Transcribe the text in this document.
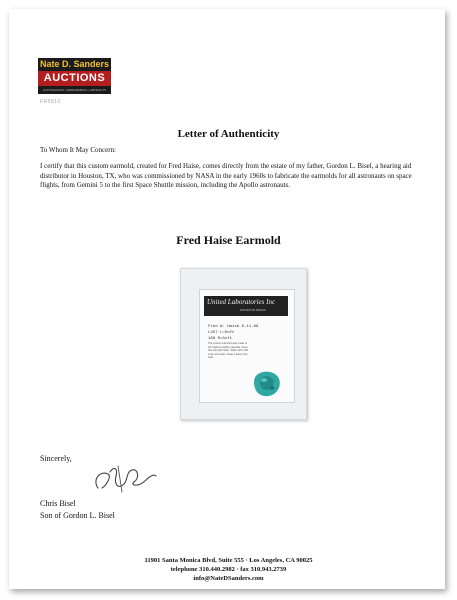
Nate D. Sanders
AUCTIONS
AUTOGRAPHS • MEMORABILIA • ARTIFACTS
FR5810
Letter of Authenticity
To Whom It May Concern:
I certify that this custom earmold, created for Fred Haise, comes directly from the estate of my father, Gordon L. Bisel, a hearing aid distributor in Houston, TX, who was commissioned by NASA in the early 1960s to fabricate the earmolds for all astronauts on space flights, from Gemini 5 to the first Space Shuttle mission, including the Apollo astronauts.
Fred Haise Earmold
United Laboratories Inc
HOUSTON TEXAS
Fred W. Haise 6-11-69
L457 L=Soft
188 R=Soft
The custom earmold was made of the highest quality materials. Keep this earmold clean. Wash with mild soap and water. Keep it away from heat.
Sincerely,
Chris Bisel
Son of Gordon L. Bisel
11901 Santa Monica Blvd, Suite 555 · Los Angeles, CA 90025
telephone 310.440.2982 · fax 310.943.2739
info@NateDSanders.com
